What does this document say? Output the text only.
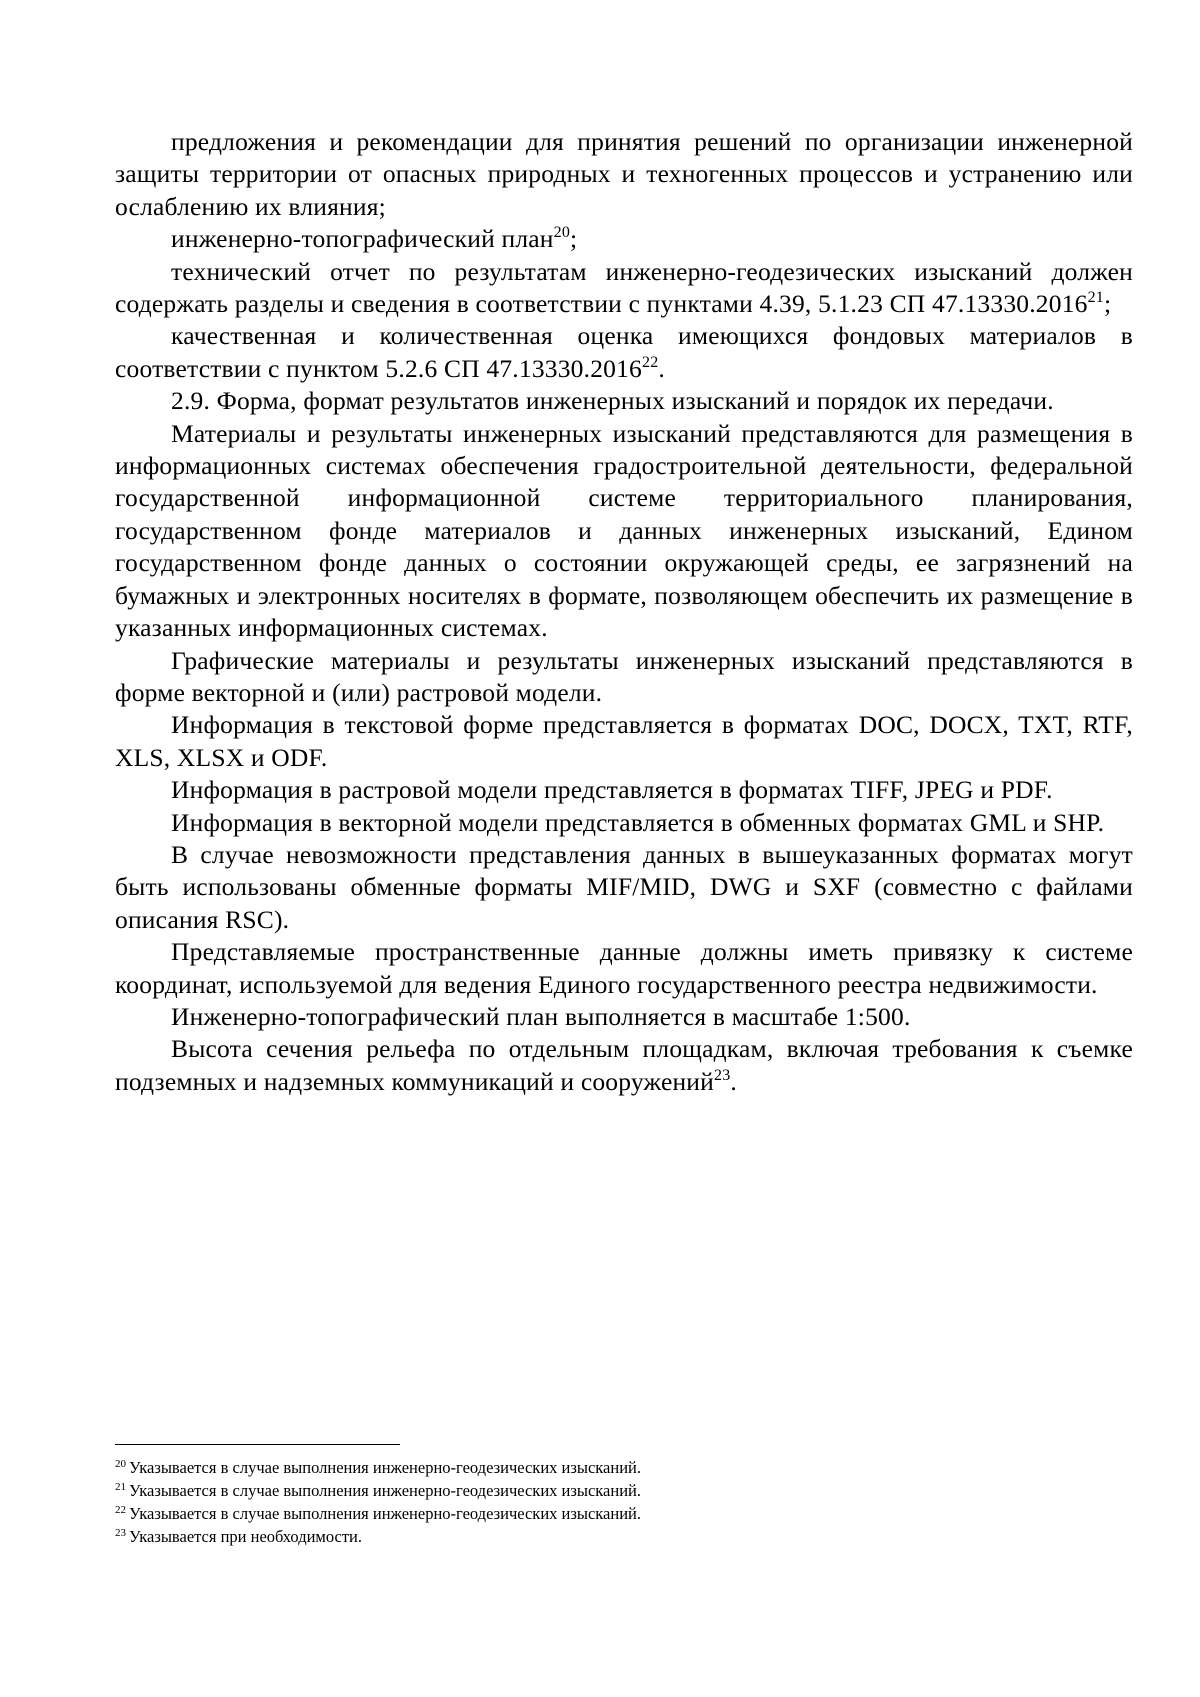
предложения и рекомендации для принятия решений по организации инженерной защиты территории от опасных природных и техногенных процессов и устранению или ослаблению их влияния;

инженерно-топографический план$^{20}$;

технический отчет по результатам инженерно-геодезических изысканий должен содержать разделы и сведения в соответствии с пунктами 4.39, 5.1.23 СП 47.13330.2016$^{21}$;

качественная и количественная оценка имеющихся фондовых материалов в соответствии с пунктом 5.2.6 СП 47.13330.2016$^{22}$.

2.9. Форма, формат результатов инженерных изысканий и порядок их передачи.

Материалы и результаты инженерных изысканий представляются для размещения в информационных системах обеспечения градостроительной деятельности, федеральной государственной информационной системе территориального планирования, государственном фонде материалов и данных инженерных изысканий, Едином государственном фонде данных о состоянии окружающей среды, ее загрязнений на бумажных и электронных носителях в формате, позволяющем обеспечить их размещение в указанных информационных системах.

Графические материалы и результаты инженерных изысканий представляются в форме векторной и (или) растровой модели.

Информация в текстовой форме представляется в форматах DOC, DOCX, TXT, RTF, XLS, XLSX и ODF.

Информация в растровой модели представляется в форматах TIFF, JPEG и PDF.

Информация в векторной модели представляется в обменных форматах GML и SHP.

В случае невозможности представления данных в вышеуказанных форматах могут быть использованы обменные форматы MIF/MID, DWG и SXF (совместно с файлами описания RSC).

Представляемые пространственные данные должны иметь привязку к системе координат, используемой для ведения Единого государственного реестра недвижимости.

Инженерно-топографический план выполняется в масштабе 1:500.

Высота сечения рельефа по отдельным площадкам, включая требования к съемке подземных и надземных коммуникаций и сооружений$^{23}$.

$^{20}$ Указывается в случае выполнения инженерно-геодезических изысканий.

$^{21}$ Указывается в случае выполнения инженерно-геодезических изысканий.

$^{22}$ Указывается в случае выполнения инженерно-геодезических изысканий.

$^{23}$ Указывается при необходимости.
